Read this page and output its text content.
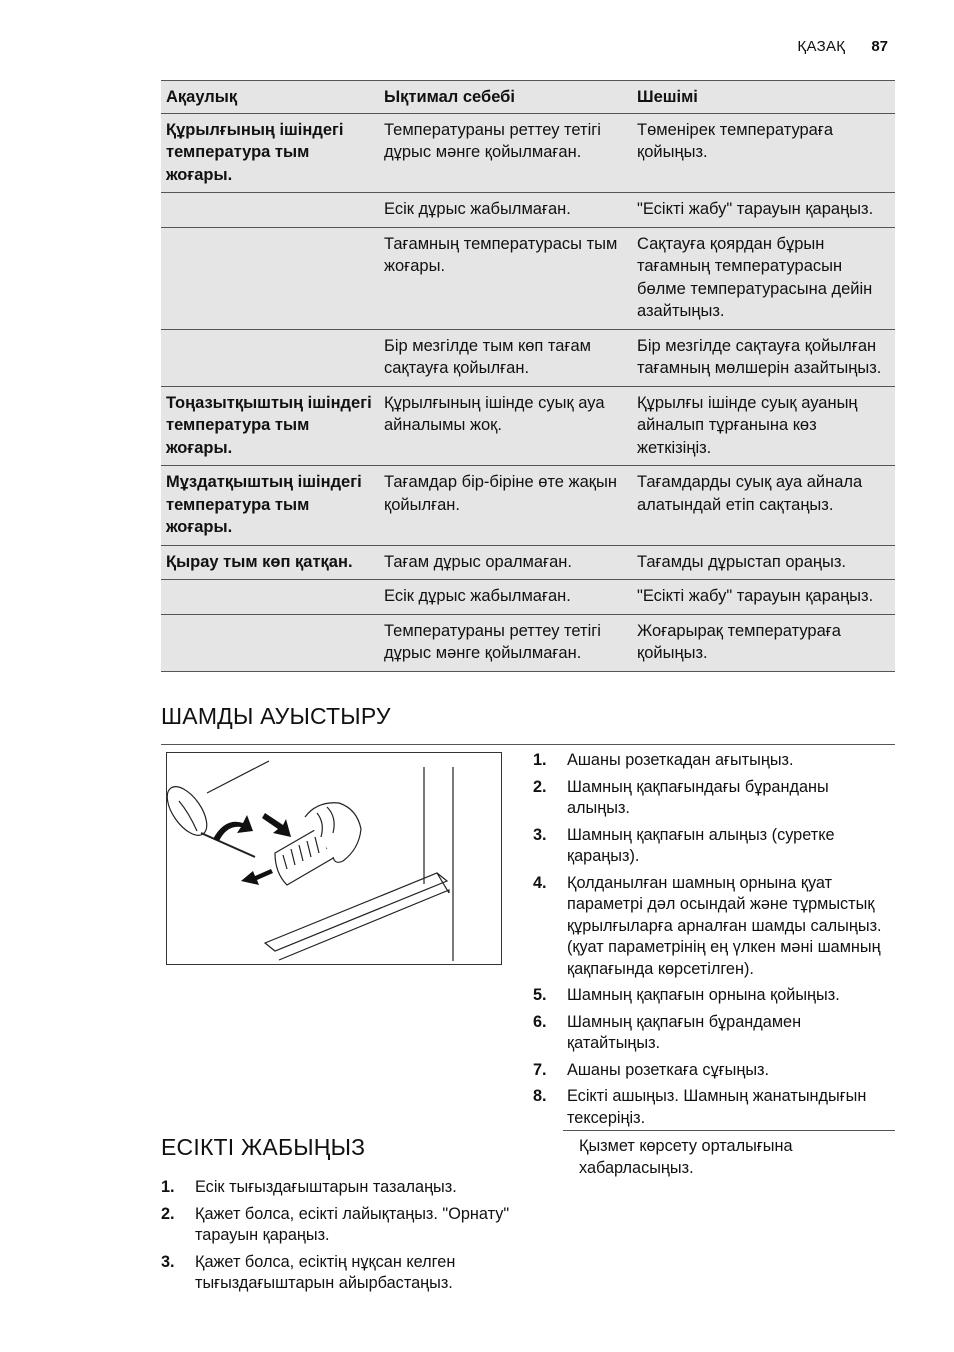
ҚАЗАҚ 87
Ақаулық	Ықтимал себебі	Шешімі
Құрылғының ішіндегі температура тым жоғары.	Температураны реттеу тетігі дұрыс мәнге қойылмаған.	Төменірек температураға қойыңыз.
	Есік дұрыс жабылмаған.	"Есікті жабу" тарауын қараңыз.
	Тағамның температурасы тым жоғары.	Сақтауға қоярдан бұрын тағамның температурасын бөлме температурасына дейін азайтыңыз.
	Бір мезгілде тым көп тағам сақтауға қойылған.	Бір мезгілде сақтауға қойылған тағамның мөлшерін азайтыңыз.
Тоңазытқыштың ішіндегі температура тым жоғары.	Құрылғының ішінде суық ауа айналымы жоқ.	Құрылғы ішінде суық ауаның айналып тұрғанына көз жеткізіңіз.
Мұздатқыштың ішіндегі температура тым жоғары.	Тағамдар бір-біріне өте жақын қойылған.	Тағамдарды суық ауа айнала алатындай етіп сақтаңыз.
Қырау тым көп қатқан.	Тағам дұрыс оралмаған.	Тағамды дұрыстап ораңыз.
	Есік дұрыс жабылмаған.	"Есікті жабу" тарауын қараңыз.
	Температураны реттеу тетігі дұрыс мәнге қойылмаған.	Жоғарырақ температураға қойыңыз.
ШАМДЫ АУЫСТЫРУ
1. Ашаны розеткадан ағытыңыз.
2. Шамның қақпағындағы бұранданы алыңыз.
3. Шамның қақпағын алыңыз (суретке қараңыз).
4. Қолданылған шамның орнына қуат параметрі дәл осындай және тұрмыстық құрылғыларға арналған шамды салыңыз. (қуат параметрінің ең үлкен мәні шамның қақпағында көрсетілген).
5. Шамның қақпағын орнына қойыңыз.
6. Шамның қақпағын бұрандамен қатайтыңыз.
7. Ашаны розеткаға сұғыңыз.
8. Есікті ашыңыз. Шамның жанатындығын тексеріңіз.
ЕСІКТІ ЖАБЫҢЫЗ
1. Есік тығыздағыштарын тазалаңыз.
2. Қажет болса, есікті лайықтаңыз. "Орнату" тарауын қараңыз.
3. Қажет болса, есіктің нұқсан келген тығыздағыштарын айырбастаңыз.
Қызмет көрсету орталығына хабарласыңыз.
